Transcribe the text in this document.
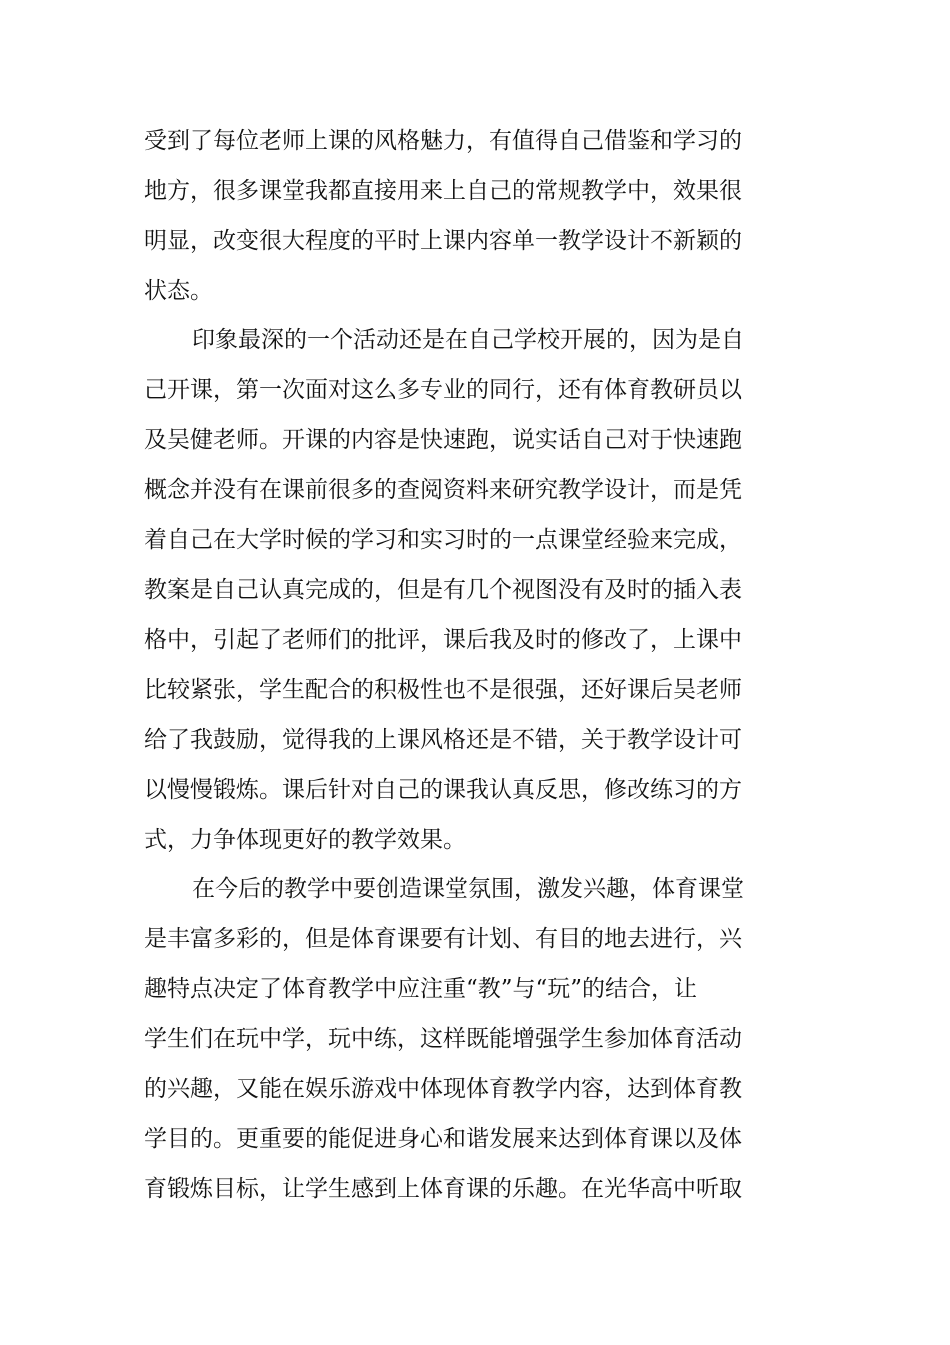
受到了每位老师上课的风格魅力，有值得自己借鉴和学习的
地方，很多课堂我都直接用来上自己的常规教学中，效果很
明显，改变很大程度的平时上课内容单一教学设计不新颖的
状态。
印象最深的一个活动还是在自己学校开展的，因为是自
己开课，第一次面对这么多专业的同行，还有体育教研员以
及吴健老师。开课的内容是快速跑，说实话自己对于快速跑
概念并没有在课前很多的查阅资料来研究教学设计，而是凭
着自己在大学时候的学习和实习时的一点课堂经验来完成，
教案是自己认真完成的，但是有几个视图没有及时的插入表
格中，引起了老师们的批评，课后我及时的修改了，上课中
比较紧张，学生配合的积极性也不是很强，还好课后吴老师
给了我鼓励，觉得我的上课风格还是不错，关于教学设计可
以慢慢锻炼。课后针对自己的课我认真反思，修改练习的方
式，力争体现更好的教学效果。
在今后的教学中要创造课堂氛围，激发兴趣，体育课堂
是丰富多彩的，但是体育课要有计划、有目的地去进行，兴
趣特点决定了体育教学中应注重“教”与“玩”的结合，让
学生们在玩中学，玩中练，这样既能增强学生参加体育活动
的兴趣，又能在娱乐游戏中体现体育教学内容，达到体育教
学目的。更重要的能促进身心和谐发展来达到体育课以及体
育锻炼目标，让学生感到上体育课的乐趣。在光华高中听取
